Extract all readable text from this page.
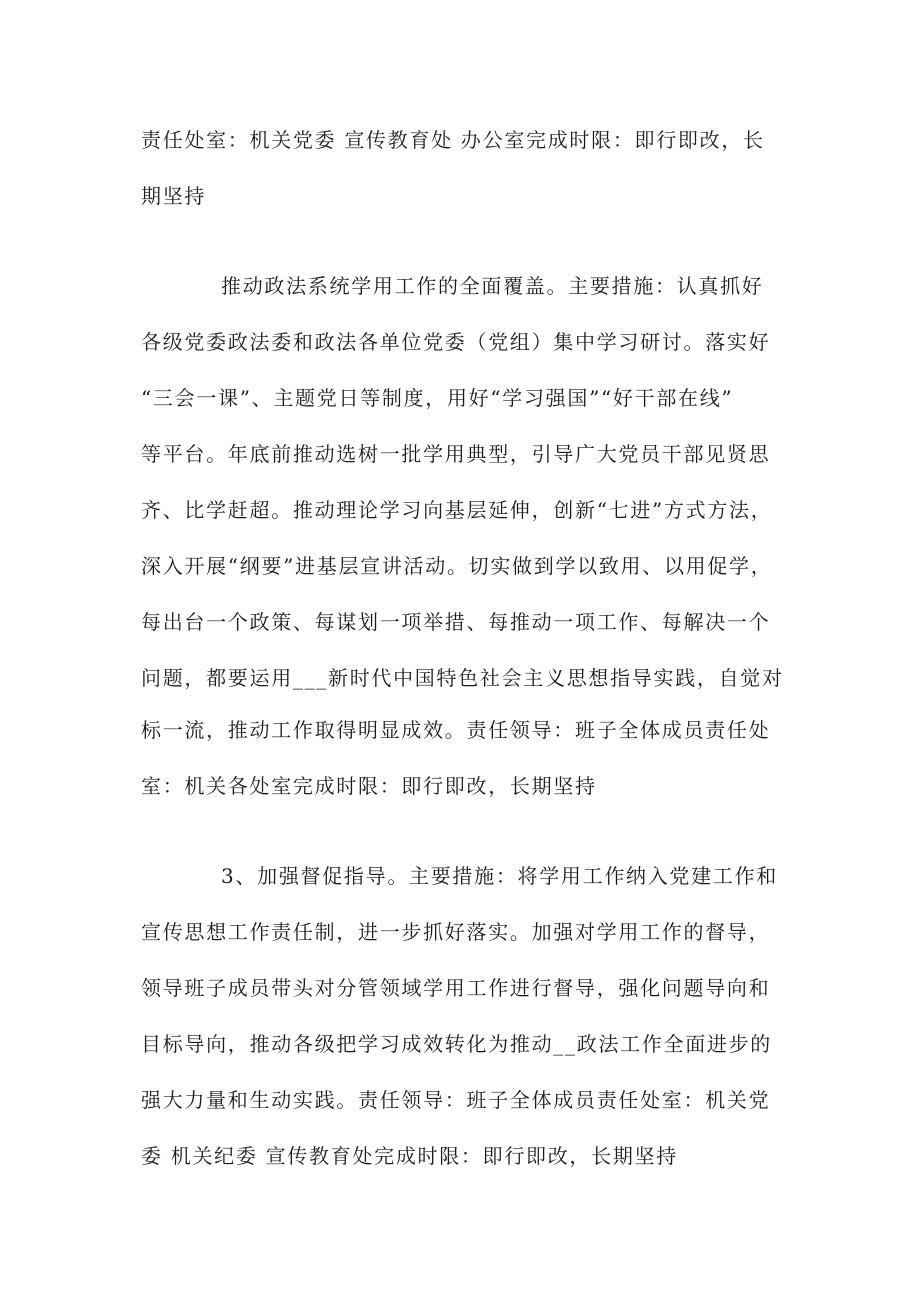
责任处室：机关党委 宣传教育处 办公室完成时限：即行即改，长

期坚持

推动政法系统学用工作的全面覆盖。主要措施：认真抓好

各级党委政法委和政法各单位党委（党组）集中学习研讨。落实好

“三会一课”、主题党日等制度，用好“学习强国”“好干部在线”

等平台。年底前推动选树一批学用典型，引导广大党员干部见贤思

齐、比学赶超。推动理论学习向基层延伸，创新“七进”方式方法，

深入开展“纲要”进基层宣讲活动。切实做到学以致用、以用促学，

每出台一个政策、每谋划一项举措、每推动一项工作、每解决一个

问题，都要运用___新时代中国特色社会主义思想指导实践，自觉对

标一流，推动工作取得明显成效。责任领导：班子全体成员责任处

室：机关各处室完成时限：即行即改，长期坚持

3、加强督促指导。主要措施：将学用工作纳入党建工作和

宣传思想工作责任制，进一步抓好落实。加强对学用工作的督导，

领导班子成员带头对分管领域学用工作进行督导，强化问题导向和

目标导向，推动各级把学习成效转化为推动__政法工作全面进步的

强大力量和生动实践。责任领导：班子全体成员责任处室：机关党

委 机关纪委 宣传教育处完成时限：即行即改，长期坚持
